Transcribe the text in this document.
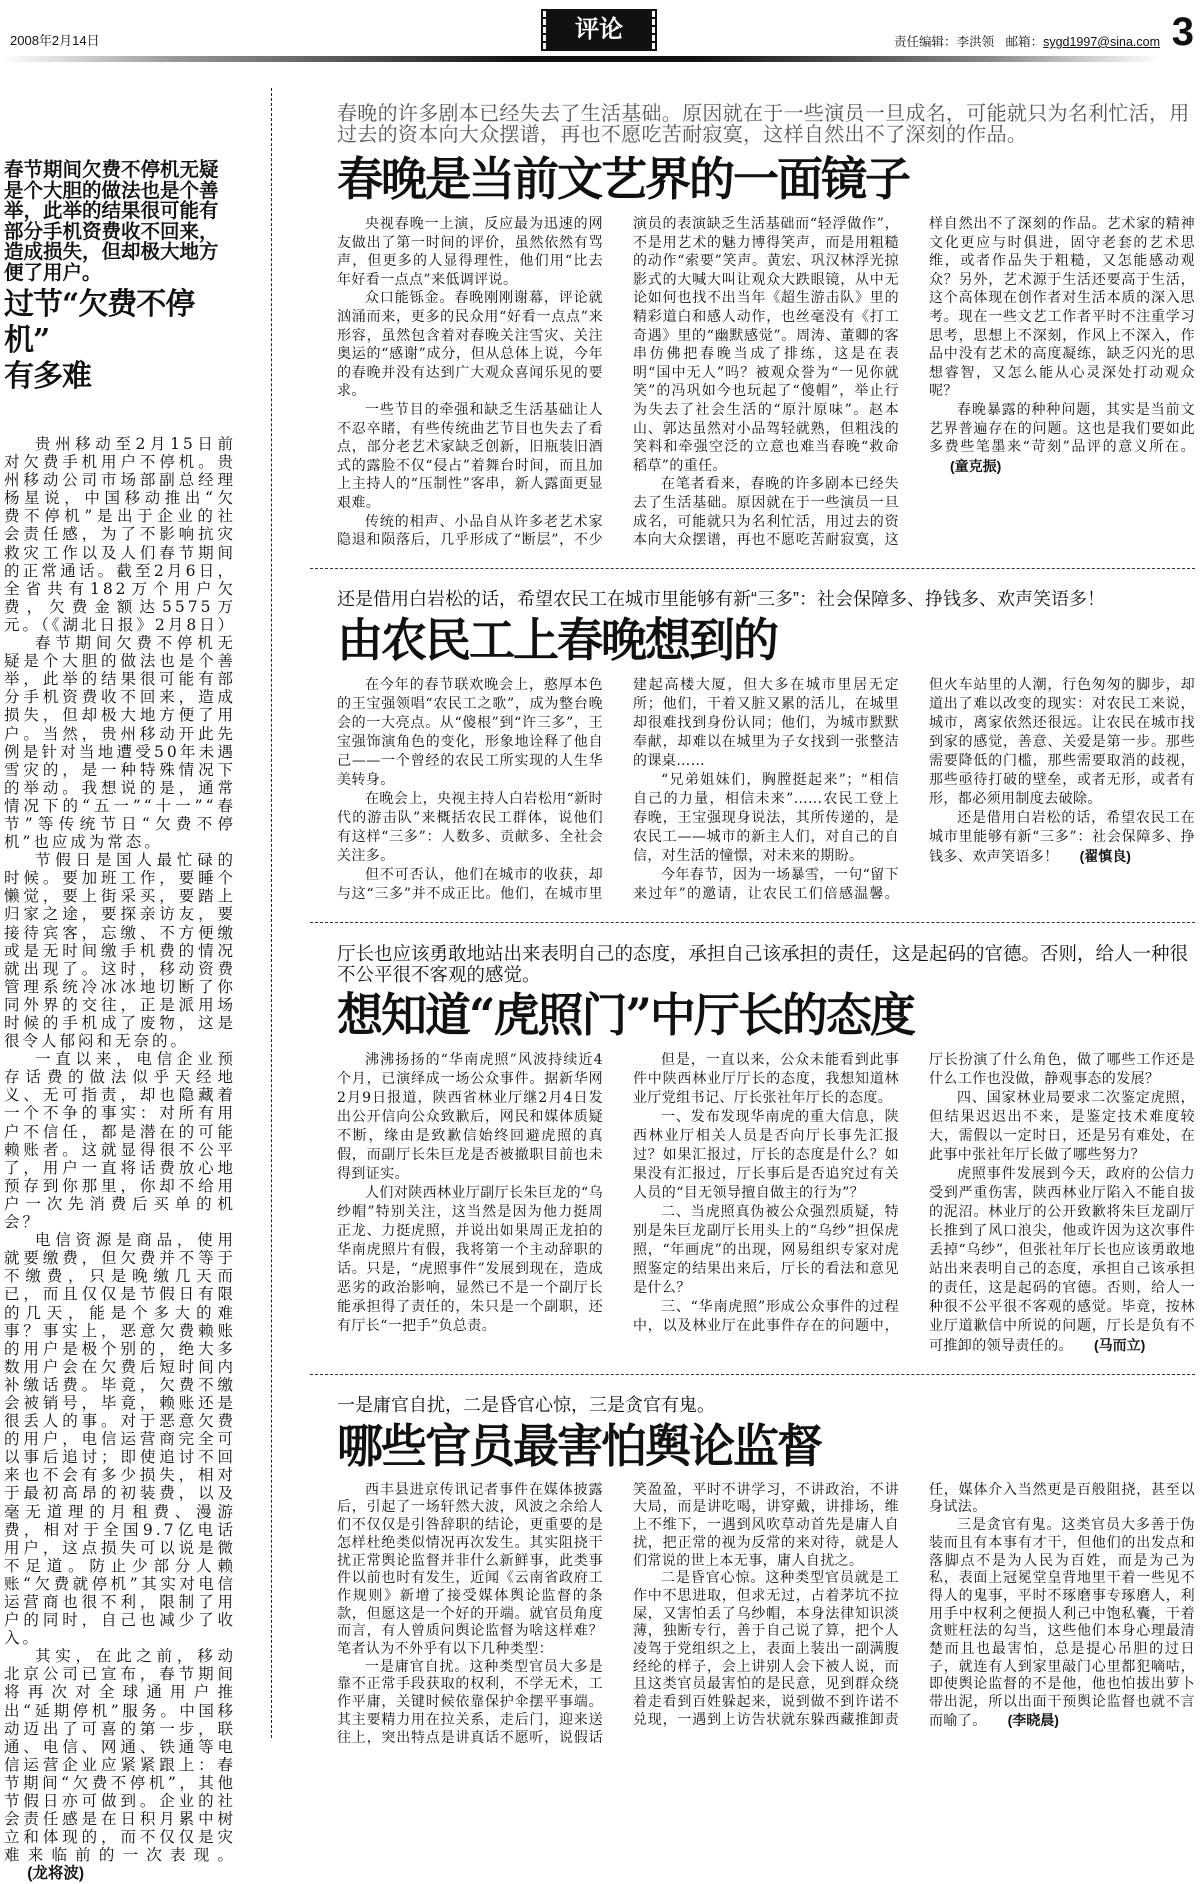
2008年2月14日	评论	责任编辑：李洪领 邮箱：sygd1997@sina.com 3
春节期间欠费不停机无疑是个大胆的做法也是个善举，此举的结果很可能有部分手机资费收不回来，造成损失，但却极大地方便了用户。
过节“欠费不停机”
有多难

贵州移动至2月15日前对欠费手机用户不停机。贵州移动公司市场部副总经理杨星说，中国移动推出“欠费不停机”是出于企业的社会责任感，为了不影响抗灾救灾工作以及人们春节期间的正常通话。截至2月6日，全省共有182万个用户欠费，欠费金额达5575万元。（《湖北日报》2月8日）

春节期间欠费不停机无疑是个大胆的做法也是个善举，此举的结果很可能有部分手机资费收不回来，造成损失，但却极大地方便了用户。当然，贵州移动开此先例是针对当地遭受50年未遇雪灾的，是一种特殊情况下的举动。我想说的是，通常情况下的“五一”“十一”“春节”等传统节日“欠费不停机”也应成为常态。

节假日是国人最忙碌的时候。要加班工作，要睡个懒觉，要上街采买，要踏上归家之途，要探亲访友，要接待宾客，忘缴、不方便缴或是无时间缴手机费的情况就出现了。这时，移动资费管理系统冷冰冰地切断了你同外界的交往，正是派用场时候的手机成了废物，这是很令人郁闷和无奈的。

一直以来，电信企业预存话费的做法似乎天经地义、无可指责，却也隐藏着一个不争的事实：对所有用户不信任，都是潜在的可能赖账者。这就显得很不公平了，用户一直将话费放心地预存到你那里，你却不给用户一次先消费后买单的机会？

电信资源是商品，使用就要缴费，但欠费并不等于不缴费，只是晚缴几天而已，而且仅仅是节假日有限的几天，能是个多大的难事？事实上，恶意欠费赖账的用户是极个别的，绝大多数用户会在欠费后短时间内补缴话费。毕竟，欠费不缴会被销号，毕竟，赖账还是很丢人的事。对于恶意欠费的用户，电信运营商完全可以事后追讨；即使追讨不回来也不会有多少损失，相对于最初高昂的初装费，以及毫无道理的月租费、漫游费，相对于全国9.7亿电话用户，这点损失可以说是微不足道。防止少部分人赖账“欠费就停机”其实对电信运营商也很不利，限制了用户的同时，自己也减少了收入。

其实，在此之前，移动北京公司已宣布，春节期间将再次对全球通用户推出“延期停机”服务。中国移动迈出了可喜的第一步，联通、电信、网通、铁通等电信运营企业应紧紧跟上：春节期间“欠费不停机”，其他节假日亦可做到。企业的社会责任感是在日积月累中树立和体现的，而不仅仅是灾难来临前的一次表现。(龙将波)

春晚的许多剧本已经失去了生活基础。原因就在于一些演员一旦成名，可能就只为名利忙活，用过去的资本向大众摆谱，再也不愿吃苦耐寂寞，这样自然出不了深刻的作品。
春晚是当前文艺界的一面镜子

央视春晚一上演，反应最为迅速的网友做出了第一时间的评价，虽然依然有骂声，但更多的人显得理性，他们用“比去年好看一点点”来低调评说。

众口能铄金。春晚刚刚谢幕，评论就汹涌而来，更多的民众用“好看一点点”来形容，虽然包含着对春晚关注雪灾、关注奥运的“感谢”成分，但从总体上说，今年的春晚并没有达到广大观众喜闻乐见的要求。

一些节目的牵强和缺乏生活基础让人不忍卒睹，有些传统曲艺节目也失去了看点，部分老艺术家缺乏创新，旧瓶装旧酒式的露脸不仅“侵占”着舞台时间，而且加上主持人的“压制性”客串，新人露面更显艰难。

传统的相声、小品自从许多老艺术家隐退和陨落后，几乎形成了“断层”，不少演员的表演缺乏生活基础而“轻浮做作”，不是用艺术的魅力博得笑声，而是用粗糙的动作“索要”笑声。黄宏、巩汉林浮光掠影式的大喊大叫让观众大跌眼镜，从中无论如何也找不出当年《超生游击队》里的精彩道白和感人动作，也丝毫没有《打工奇遇》里的“幽默感觉”。周涛、董卿的客串仿佛把春晚当成了排练，这是在表明“国中无人”吗？被观众誉为“一见你就笑”的冯巩如今也玩起了“傻帽”，举止行为失去了社会生活的“原汁原味”。赵本山、郭达虽然对小品驾轻就熟，但粗浅的笑料和牵强空泛的立意也难当春晚“救命稻草”的重任。

在笔者看来，春晚的许多剧本已经失去了生活基础。原因就在于一些演员一旦成名，可能就只为名利忙活，用过去的资本向大众摆谱，再也不愿吃苦耐寂寞，这样自然出不了深刻的作品。艺术家的精神文化更应与时俱进，固守老套的艺术思维，或者作品失于粗糙，又怎能感动观众？另外，艺术源于生活还要高于生活，这个高体现在创作者对生活本质的深入思考。现在一些文艺工作者平时不注重学习思考，思想上不深刻，作风上不深入，作品中没有艺术的高度凝练，缺乏闪光的思想睿智，又怎么能从心灵深处打动观众呢？

春晚暴露的种种问题，其实是当前文艺界普遍存在的问题。这也是我们要如此多费些笔墨来“苛刻”品评的意义所在。(童克振)

还是借用白岩松的话，希望农民工在城市里能够有新“三多”：社会保障多、挣钱多、欢声笑语多！
由农民工上春晚想到的

在今年的春节联欢晚会上，憨厚本色的王宝强领唱“农民工之歌”，成为整台晚会的一大亮点。从“傻根”到“许三多”，王宝强饰演角色的变化，形象地诠释了他自己——一个曾经的农民工所实现的人生华美转身。

在晚会上，央视主持人白岩松用“新时代的游击队”来概括农民工群体，说他们有这样“三多”：人数多、贡献多、全社会关注多。

但不可否认，他们在城市的收获，却与这“三多”并不成正比。他们，在城市里建起高楼大厦，但大多在城市里居无定所；他们，干着又脏又累的活儿，在城里却很难找到身份认同；他们，为城市默默奉献，却难以在城里为子女找到一张整洁的课桌……

“兄弟姐妹们，胸膛挺起来”；“相信自己的力量，相信未来”……农民工登上春晚，王宝强现身说法，其所传递的，是农民工——城市的新主人们，对自己的自信，对生活的憧憬，对未来的期盼。

今年春节，因为一场暴雪，一句“留下来过年”的邀请，让农民工们倍感温馨。但火车站里的人潮，行色匆匆的脚步，却道出了难以改变的现实：对农民工来说，城市，离家依然还很远。让农民在城市找到家的感觉，善意、关爱是第一步。那些需要降低的门槛，那些需要取消的歧视，那些亟待打破的壁垒，或者无形，或者有形，都必须用制度去破除。

还是借用白岩松的话，希望农民工在城市里能够有新“三多”：社会保障多、挣钱多、欢声笑语多！ (翟慎良)

厅长也应该勇敢地站出来表明自己的态度，承担自己该承担的责任，这是起码的官德。否则，给人一种很不公平很不客观的感觉。
想知道“虎照门”中厅长的态度

沸沸扬扬的“华南虎照”风波持续近4个月，已演绎成一场公众事件。据新华网2月9日报道，陕西省林业厅继2月4日发出公开信向公众致歉后，网民和媒体质疑不断，缘由是致歉信始终回避虎照的真假，而副厅长朱巨龙是否被撤职目前也未得到证实。

人们对陕西林业厅副厅长朱巨龙的“乌纱帽”特别关注，这当然是因为他力挺周正龙、力挺虎照，并说出如果周正龙拍的华南虎照片有假，我将第一个主动辞职的话。只是，“虎照事件”发展到现在，造成恶劣的政治影响，显然已不是一个副厅长能承担得了责任的，朱只是一个副职，还有厅长“一把手”负总责。

但是，一直以来，公众未能看到此事件中陕西林业厅厅长的态度，我想知道林业厅党组书记、厅长张社年厅长的态度。

一、发布发现华南虎的重大信息，陕西林业厅相关人员是否向厅长事先汇报过？如果汇报过，厅长的态度是什么？如果没有汇报过，厅长事后是否追究过有关人员的“目无领导擅自做主的行为”？

二、当虎照真伪被公众强烈质疑，特别是朱巨龙副厅长用头上的“乌纱”担保虎照，“年画虎”的出现，网易组织专家对虎照鉴定的结果出来后，厅长的看法和意见是什么？

三、“华南虎照”形成公众事件的过程中，以及林业厅在此事件存在的问题中，厅长扮演了什么角色，做了哪些工作还是什么工作也没做，静观事态的发展？

四、国家林业局要求二次鉴定虎照，但结果迟迟出不来，是鉴定技术难度较大，需假以一定时日，还是另有难处，在此事中张社年厅长做了哪些努力？

虎照事件发展到今天，政府的公信力受到严重伤害，陕西林业厅陷入不能自拔的泥沼。林业厅的公开致歉将朱巨龙副厅长推到了风口浪尖，他或许因为这次事件丢掉“乌纱”，但张社年厅长也应该勇敢地站出来表明自己的态度，承担自己该承担的责任，这是起码的官德。否则，给人一种很不公平很不客观的感觉。毕竟，按林业厅道歉信中所说的问题，厅长是负有不可推卸的领导责任的。 (马而立)

一是庸官自扰，二是昏官心惊，三是贪官有鬼。
哪些官员最害怕舆论监督

西丰县进京传讯记者事件在媒体披露后，引起了一场轩然大波，风波之余给人们不仅仅是引咎辞职的结论，更重要的是怎样杜绝类似情况再次发生。其实阻挠干扰正常舆论监督并非什么新鲜事，此类事件以前也时有发生，近闻《云南省政府工作规则》新增了接受媒体舆论监督的条款，但愿这是一个好的开端。就官员角度而言，有人曾质问舆论监督为啥这样难？笔者认为不外乎有以下几种类型：

一是庸官自扰。这种类型官员大多是靠不正常手段获取的权利，不学无术，工作平庸，关键时候依靠保护伞摆平事端。其主要精力用在拉关系，走后门，迎来送往上，突出特点是讲真话不愿听，说假话笑盈盈，平时不讲学习，不讲政治，不讲大局，而是讲吃喝，讲穿戴，讲排场，维上不维下，一遇到风吹草动首先是庸人自扰，把正常的视为反常的来对待，就是人们常说的世上本无事，庸人自扰之。

二是昏官心惊。这种类型官员就是工作中不思进取，但求无过，占着茅坑不拉屎，又害怕丢了乌纱帽，本身法律知识淡薄，独断专行，善于自己说了算，把个人凌驾于党组织之上，表面上装出一副满腹经纶的样子，会上讲别人会下被人说，而且这类官员最害怕的是民意，见到群众绕着走看到百姓躲起来，说到做不到许诺不兑现，一遇到上访告状就东躲西藏推卸责任，媒体介入当然更是百般阻挠，甚至以身试法。

三是贪官有鬼。这类官员大多善于伪装而且有本事有才干，但他们的出发点和落脚点不是为人民为百姓，而是为己为私，表面上冠冕堂皇背地里干着一些见不得人的鬼事，平时不琢磨事专琢磨人，利用手中权利之便损人利己中饱私囊，干着贪赃枉法的勾当，这些他们本身心理最清楚而且也最害怕，总是提心吊胆的过日子，就连有人到家里敲门心里都犯嘀咕，即使舆论监督的不是他，他也怕拔出萝卜带出泥，所以出面干预舆论监督也就不言而喻了。 (李晓晨)
